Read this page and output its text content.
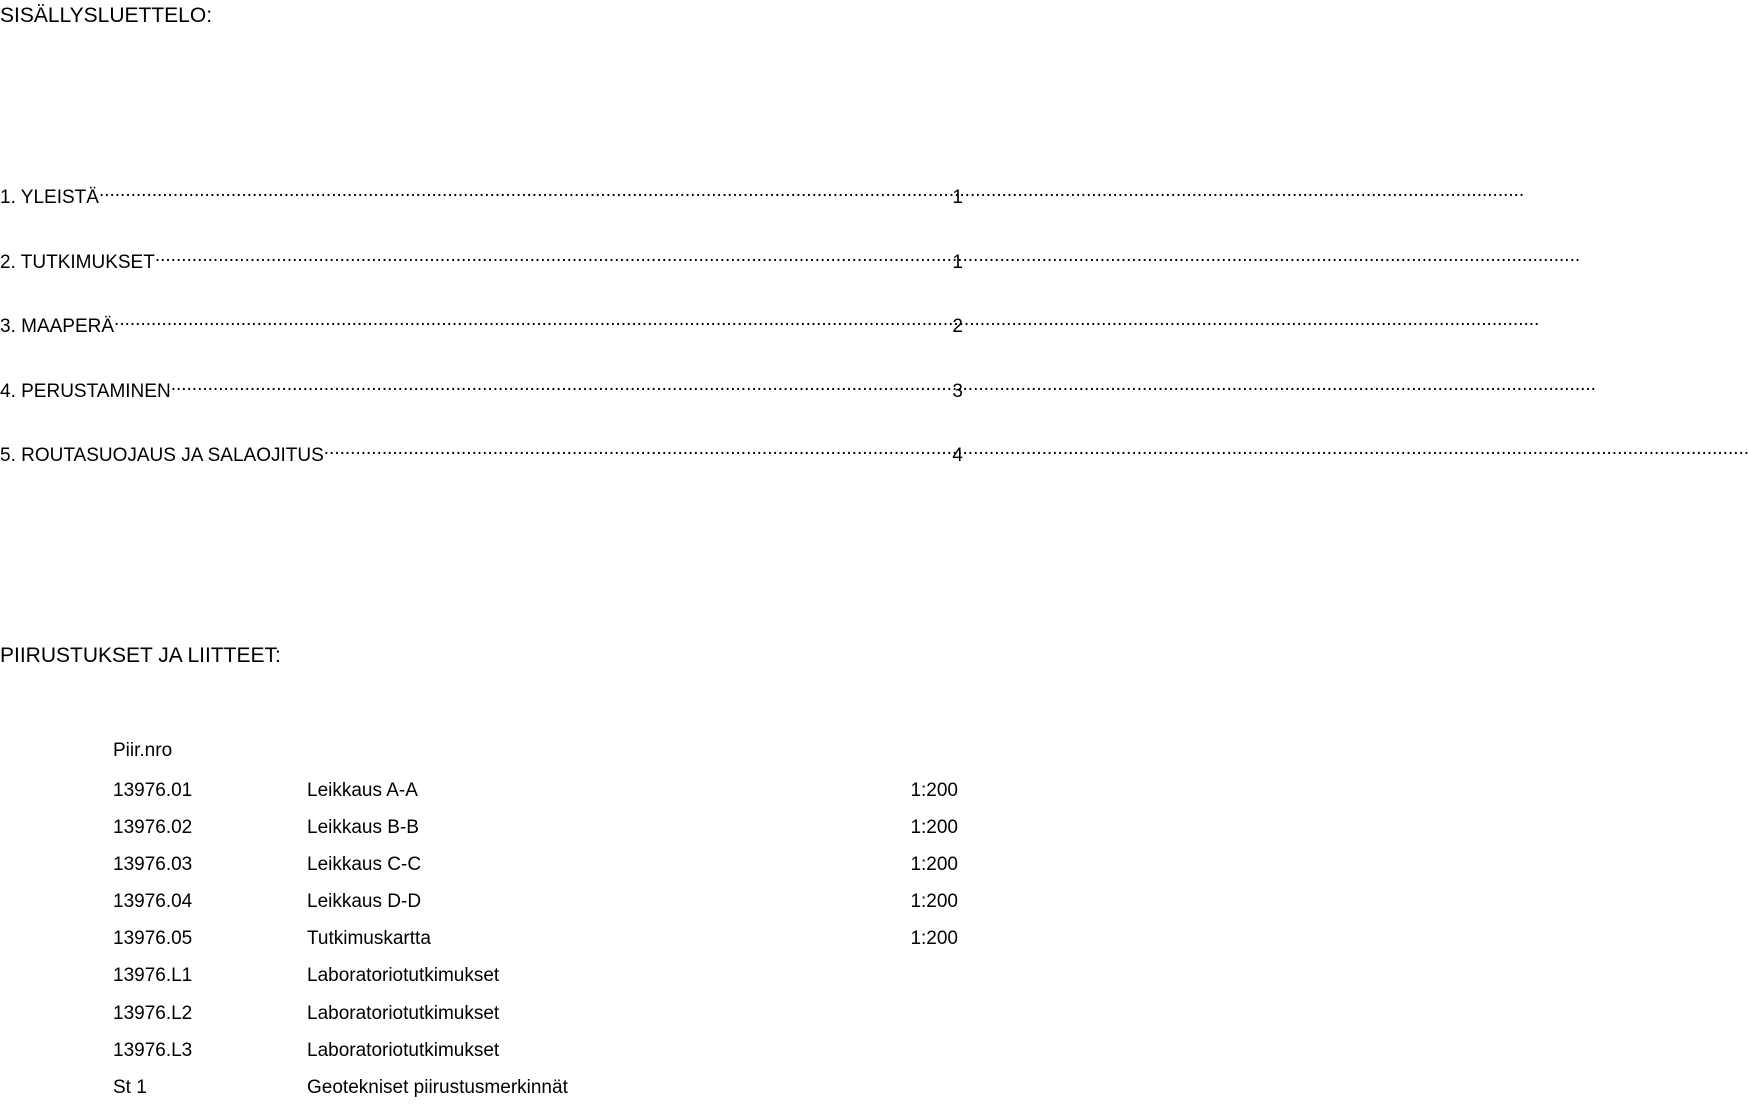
SISÄLLYSLUETTELO:
1. YLEISTÄ .....	1
2. TUTKIMUKSET .....	1
3. MAAPERÄ .....	2
4. PERUSTAMINEN .....	3
5. ROUTASUOJAUS JA SALAOJITUS .....	4
PIIRUSTUKSET JA LIITTEET:
Piir.nro
13976.01	Leikkaus A-A	1:200
13976.02	Leikkaus B-B	1:200
13976.03	Leikkaus C-C	1:200
13976.04	Leikkaus D-D	1:200
13976.05	Tutkimuskartta	1:200
13976.L1	Laboratoriotutkimukset
13976.L2	Laboratoriotutkimukset
13976.L3	Laboratoriotutkimukset
St 1	Geotekniset piirustusmerkinnät
